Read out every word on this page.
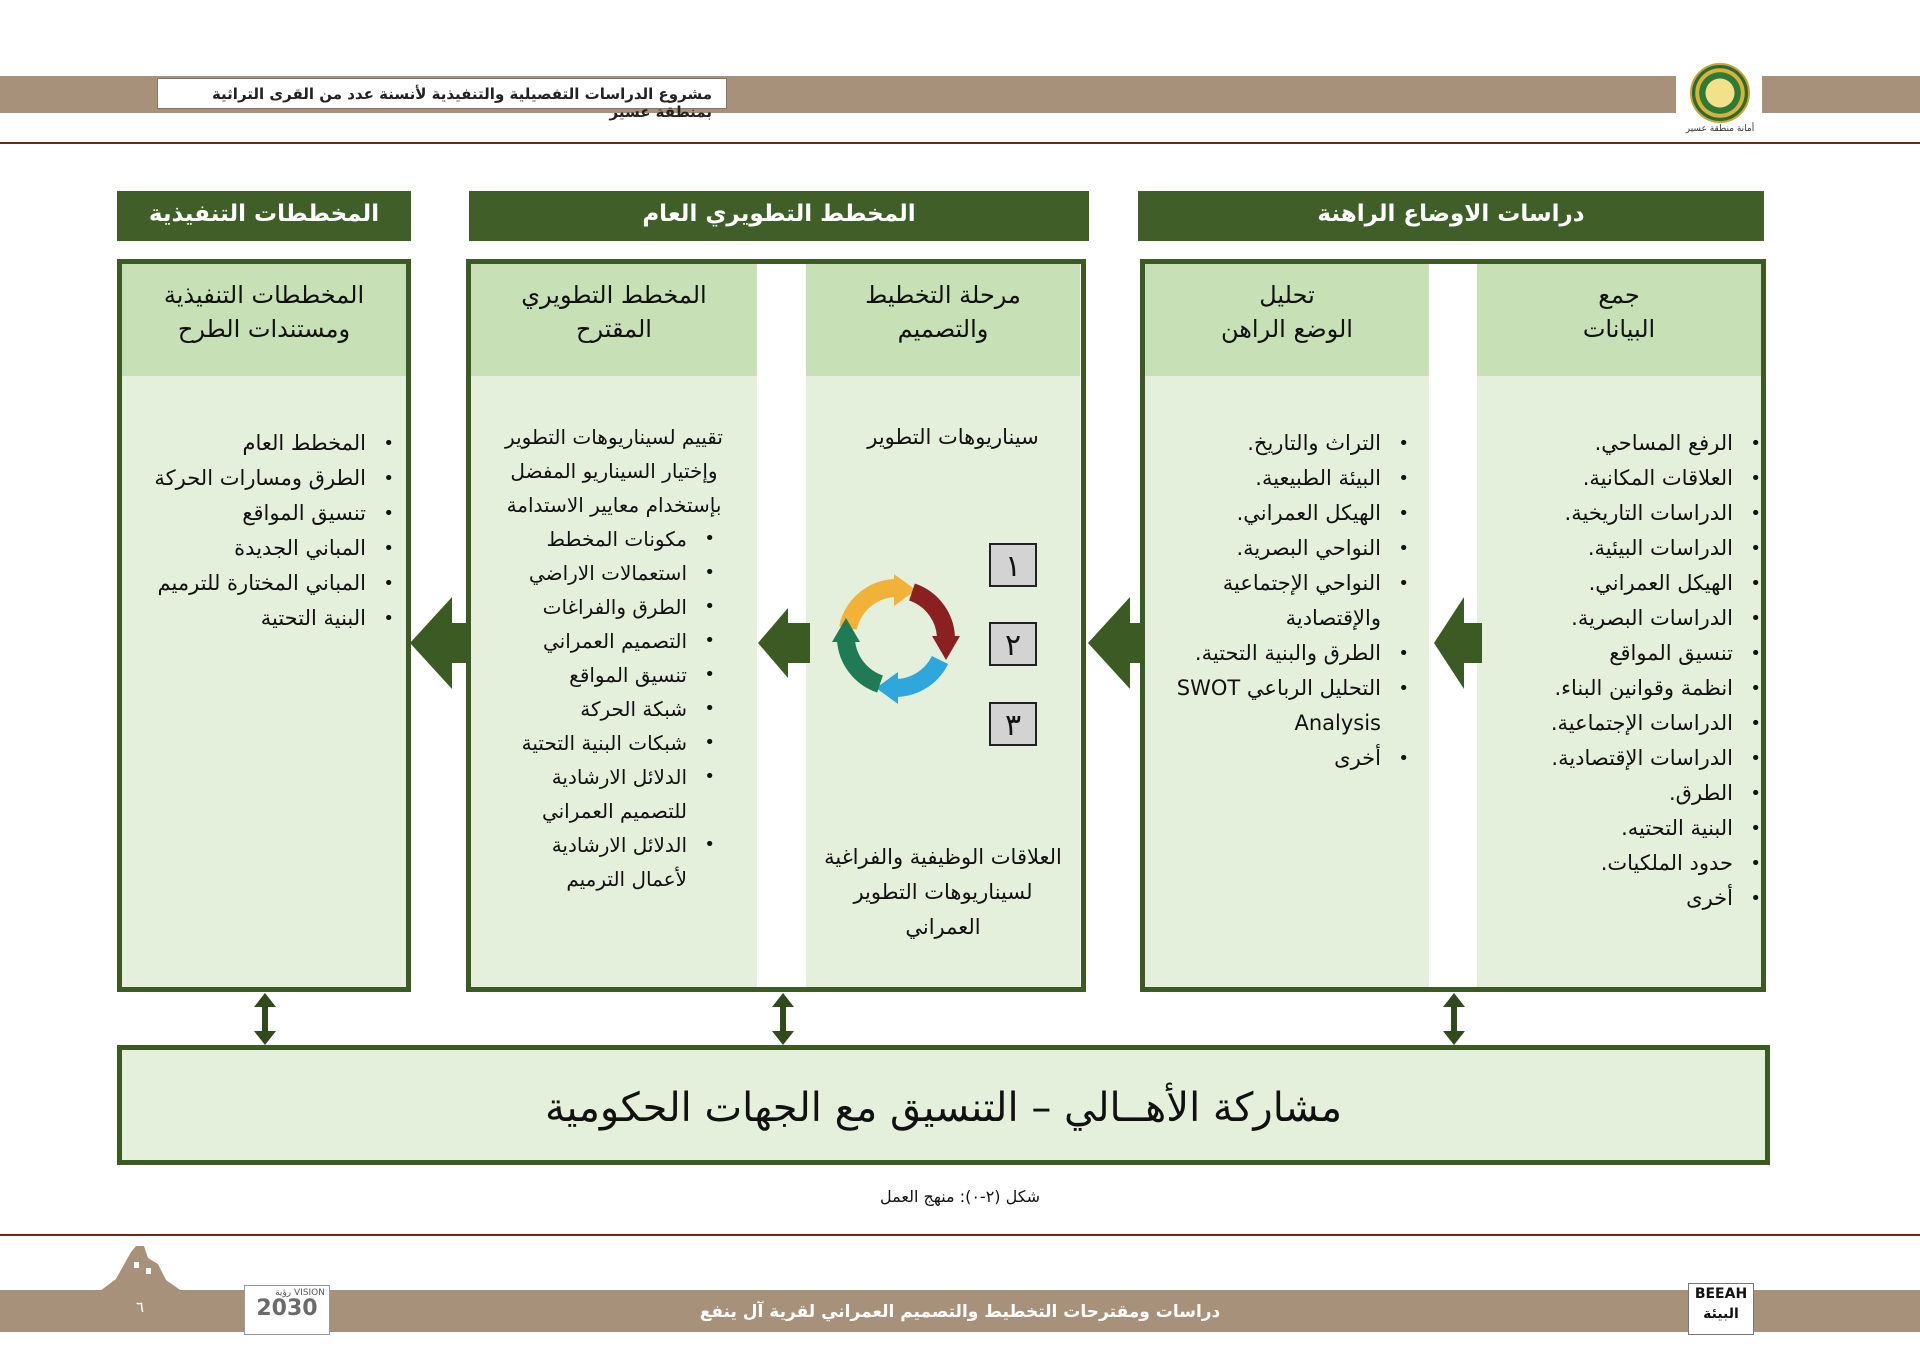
مشروع الدراسات التفصيلية والتنفيذية لأنسنة عدد من القرى التراثية بمنطقة عسير
أمانة منطقة عسير
المخططات التنفيذية	المخطط التطويري العام	دراسات الاوضاع الراهنة
جمع
البيانات
• الرفع المساحي.
• العلاقات المكانية.
• الدراسات التاريخية.
• الدراسات البيئية.
• الهيكل العمراني.
• الدراسات البصرية.
• تنسيق المواقع
• انظمة وقوانين البناء.
• الدراسات الإجتماعية.
• الدراسات الإقتصادية.
• الطرق.
• البنية التحتيه.
• حدود الملكيات.
• أخرى
تحليل
الوضع الراهن
• التراث والتاريخ.
• البيئة الطبيعية.
• الهيكل العمراني.
• النواحي البصرية.
• النواحي الإجتماعية والإقتصادية
• الطرق والبنية التحتية.
• التحليل الرباعي SWOT Analysis
• أخرى
مرحلة التخطيط
والتصميم
سيناريوهات التطوير
١
٢
٣
العلاقات الوظيفية والفراغية
لسيناريوهات التطوير
العمراني
المخطط التطويري
المقترح
تقييم لسيناريوهات التطوير
وإختيار السيناريو المفضل
بإستخدام معايير الاستدامة
• مكونات المخطط
• استعمالات الاراضي
• الطرق والفراغات
• التصميم العمراني
• تنسيق المواقع
• شبكة الحركة
• شبكات البنية التحتية
• الدلائل الارشادية للتصميم العمراني
• الدلائل الارشادية لأعمال الترميم
المخططات التنفيذية
ومستندات الطرح
• المخطط العام
• الطرق ومسارات الحركة
• تنسيق المواقع
• المباني الجديدة
• المباني المختارة للترميم
• البنية التحتية
مشاركة الأهــالي – التنسيق مع الجهات الحكومية
شكل (٢-٠): منهج العمل
٦
رؤية VISION
2030	دراسات ومقترحات التخطيط والتصميم العمراني لقرية آل ينفع
BEEAH البيئة
